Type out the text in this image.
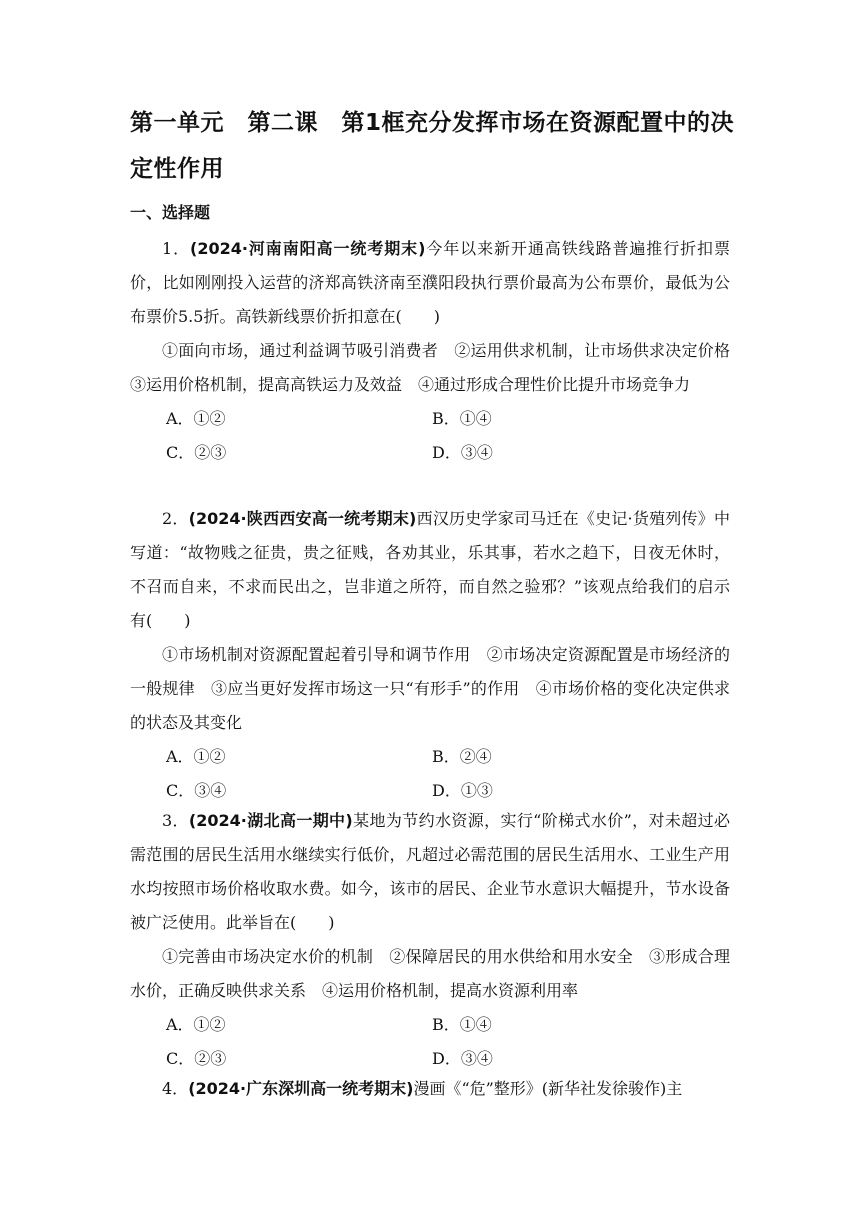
第一单元　第二课　第1框充分发挥市场在资源配置中的决
定性作用
一、选择题

1．(2024·河南南阳高一统考期末)今年以来新开通高铁线路普遍推行折扣票价，比如刚刚投入运营的济郑高铁济南至濮阳段执行票价最高为公布票价，最低为公布票价5.5折。高铁新线票价折扣意在(　　)

①面向市场，通过利益调节吸引消费者　②运用供求机制，让市场供求决定价格　③运用价格机制，提高高铁运力及效益　④通过形成合理性价比提升市场竞争力

A．①②	B．①④
C．②③	D．③④

2．(2024·陕西西安高一统考期末)西汉历史学家司马迁在《史记·货殖列传》中写道：“故物贱之征贵，贵之征贱，各劝其业，乐其事，若水之趋下，日夜无休时，不召而自来，不求而民出之，岂非道之所符，而自然之验邪？”该观点给我们的启示有(　　)

①市场机制对资源配置起着引导和调节作用　②市场决定资源配置是市场经济的一般规律　③应当更好发挥市场这一只“有形手”的作用　④市场价格的变化决定供求的状态及其变化

A．①②	B．②④
C．③④	D．①③

3．(2024·湖北高一期中)某地为节约水资源，实行“阶梯式水价”，对未超过必需范围的居民生活用水继续实行低价，凡超过必需范围的居民生活用水、工业生产用水均按照市场价格收取水费。如今，该市的居民、企业节水意识大幅提升，节水设备被广泛使用。此举旨在(　　)

①完善由市场决定水价的机制　②保障居民的用水供给和用水安全　③形成合理水价，正确反映供求关系　④运用价格机制，提高水资源利用率

A．①②	B．①④
C．②③	D．③④

4．(2024·广东深圳高一统考期末)漫画《“危”整形》(新华社发徐骏作)主
